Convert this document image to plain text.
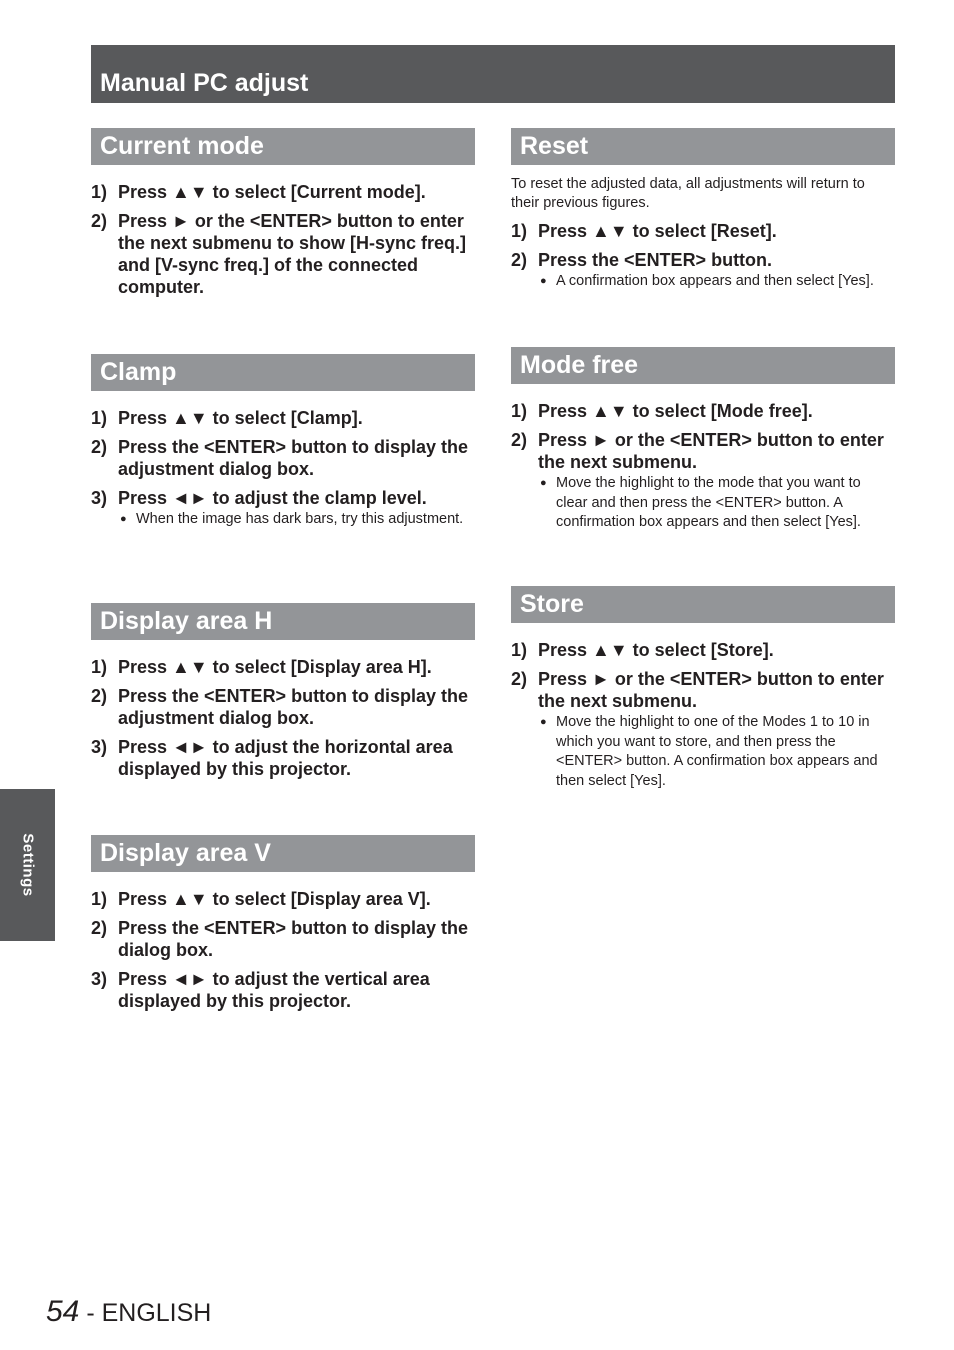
Manual PC adjust
Current mode
1) Press ▲▼ to select [Current mode].
2) Press ► or the <ENTER> button to enter the next submenu to show [H-sync freq.] and [V-sync freq.] of the connected computer.
Clamp
1) Press ▲▼ to select [Clamp].
2) Press the <ENTER> button to display the adjustment dialog box.
3) Press ◄► to adjust the clamp level.
● When the image has dark bars, try this adjustment.
Display area H
1) Press ▲▼ to select [Display area H].
2) Press the <ENTER> button to display the adjustment dialog box.
3) Press ◄► to adjust the horizontal area displayed by this projector.
Display area V
1) Press ▲▼ to select [Display area V].
2) Press the <ENTER> button to display the dialog box.
3) Press ◄► to adjust the vertical area displayed by this projector.
Reset

To reset the adjusted data, all adjustments will return to their previous figures.

1) Press ▲▼ to select [Reset].
2) Press the <ENTER> button.
● A confirmation box appears and then select [Yes].
Mode free
1) Press ▲▼ to select [Mode free].
2) Press ► or the <ENTER> button to enter the next submenu.
● Move the highlight to the mode that you want to clear and then press the <ENTER> button. A confirmation box appears and then select [Yes].
Store
1) Press ▲▼ to select [Store].
2) Press ► or the <ENTER> button to enter the next submenu.
● Move the highlight to one of the Modes 1 to 10 in which you want to store, and then press the <ENTER> button. A confirmation box appears and then select [Yes].
Settings
54 - ENGLISH
